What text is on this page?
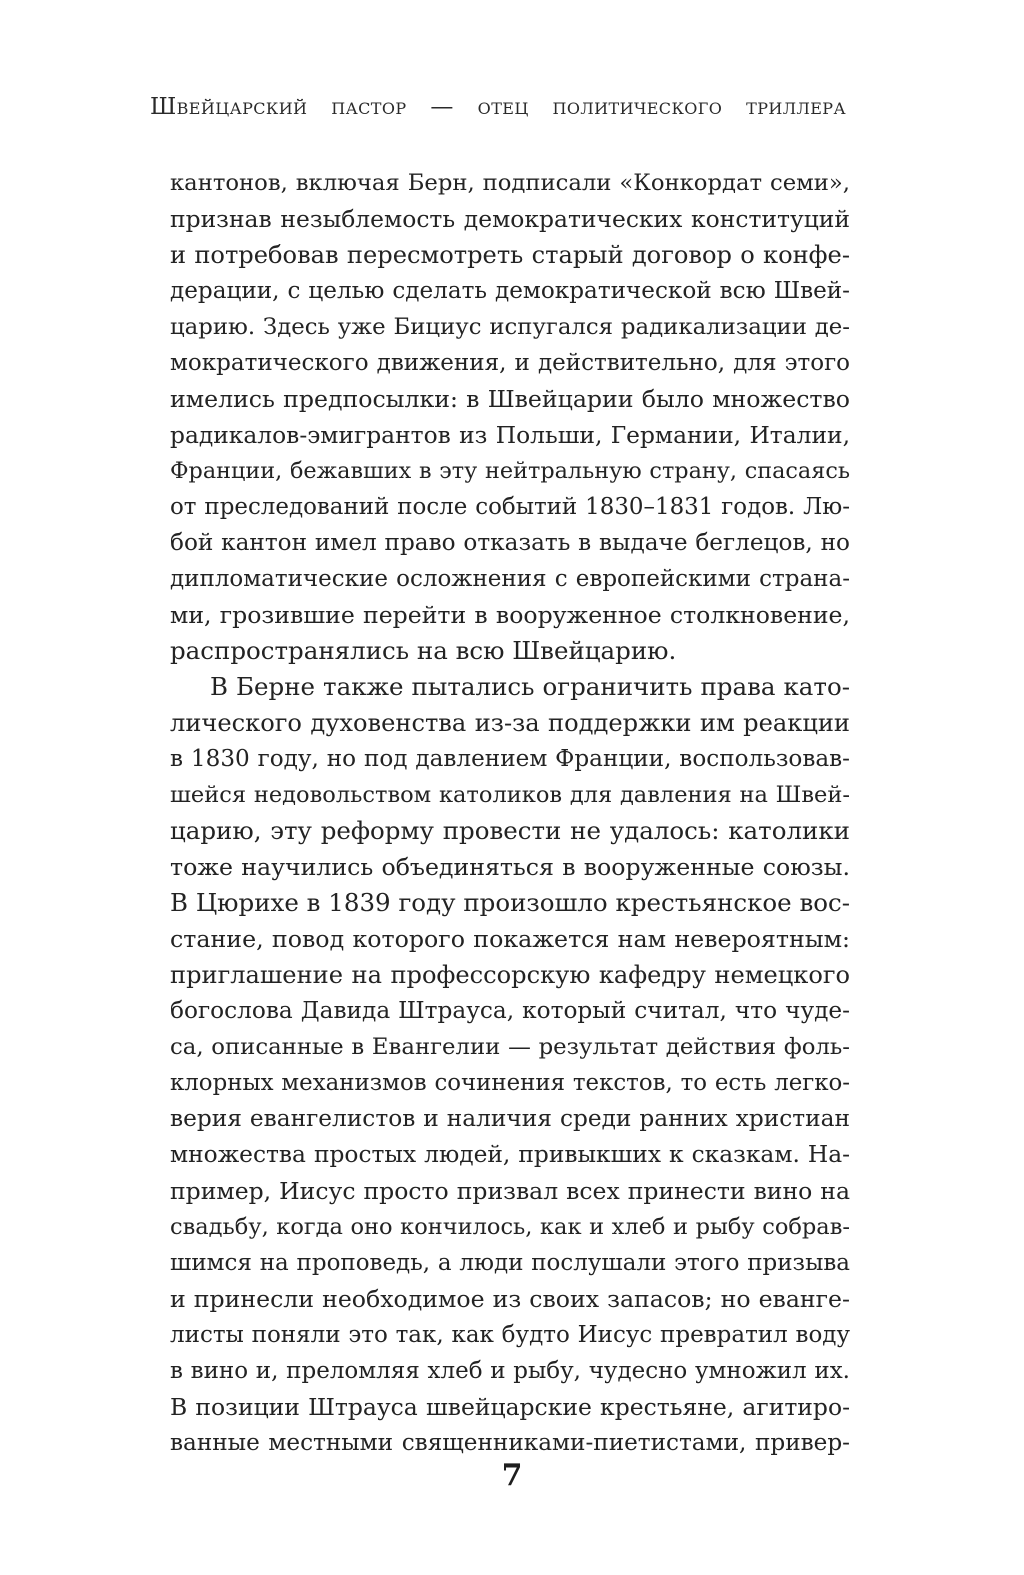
Швейцарский пастор — отец политического триллера
кантонов, включая Берн, подписали «Конкордат семи»,
признав незыблемость демократических конституций
и потребовав пересмотреть старый договор о конфе-
дерации, с целью сделать демократической всю Швей-
царию. Здесь уже Бициус испугался радикализации де-
мократического движения, и действительно, для этого
имелись предпосылки: в Швейцарии было множество
радикалов-эмигрантов из Польши, Германии, Италии,
Франции, бежавших в эту нейтральную страну, спасаясь
от преследований после событий 1830–1831 годов. Лю-
бой кантон имел право отказать в выдаче беглецов, но
дипломатические осложнения с европейскими страна-
ми, грозившие перейти в вооруженное столкновение,
распространялись на всю Швейцарию.
В Берне также пытались ограничить права като-
лического духовенства из-за поддержки им реакции
в 1830 году, но под давлением Франции, воспользовав-
шейся недовольством католиков для давления на Швей-
царию, эту реформу провести не удалось: католики
тоже научились объединяться в вооруженные союзы.
В Цюрихе в 1839 году произошло крестьянское вос-
стание, повод которого покажется нам невероятным:
приглашение на профессорскую кафедру немецкого
богослова Давида Штрауса, который считал, что чуде-
са, описанные в Евангелии — результат действия фоль-
клорных механизмов сочинения текстов, то есть легко-
верия евангелистов и наличия среди ранних христиан
множества простых людей, привыкших к сказкам. На-
пример, Иисус просто призвал всех принести вино на
свадьбу, когда оно кончилось, как и хлеб и рыбу собрав-
шимся на проповедь, а люди послушали этого призыва
и принесли необходимое из своих запасов; но еванге-
листы поняли это так, как будто Иисус превратил воду
в вино и, преломляя хлеб и рыбу, чудесно умножил их.
В позиции Штрауса швейцарские крестьяне, агитиро-
ванные местными священниками-пиетистами, привер-
7
